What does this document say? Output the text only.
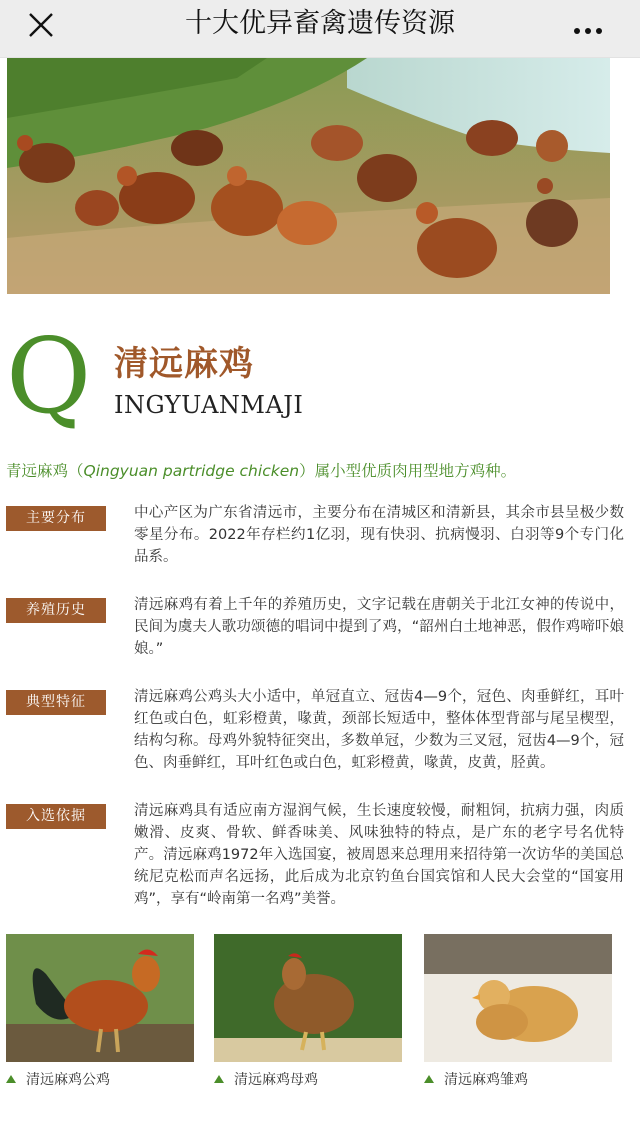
十大优异畜禽遗传资源
Q 清远麻鸡
INGYUANMAJI
青远麻鸡（Qingyuan partridge chicken）属小型优质肉用型地方鸡种。
主要分布	中心产区为广东省清远市，主要分布在清城区和清新县，其余市县呈极少数零星分布。2022年存栏约1亿羽，现有快羽、抗病慢羽、白羽等9个专门化品系。
养殖历史	清远麻鸡有着上千年的养殖历史，文字记载在唐朝关于北江女神的传说中，民间为虞夫人歌功颂德的唱词中提到了鸡，“韶州白土地神恶，假作鸡啼吓娘娘。”
典型特征	清远麻鸡公鸡头大小适中，单冠直立、冠齿4—9个，冠色、肉垂鲜红，耳叶红色或白色，虹彩橙黄，喙黄，颈部长短适中，整体体型背部与尾呈楔型，结构匀称。母鸡外貌特征突出，多数单冠，少数为三叉冠，冠齿4—9个，冠色、肉垂鲜红，耳叶红色或白色，虹彩橙黄，喙黄，皮黄，胫黄。
入选依据	清远麻鸡具有适应南方湿润气候，生长速度较慢，耐粗饲，抗病力强，肉质嫩滑、皮爽、骨软、鲜香味美、风味独特的特点，是广东的老字号名优特产。清远麻鸡1972年入选国宴，被周恩来总理用来招待第一次访华的美国总统尼克松而声名远扬，此后成为北京钓鱼台国宾馆和人民大会堂的“国宴用鸡”，享有“岭南第一名鸡”美誉。
清远麻鸡公鸡	清远麻鸡母鸡	清远麻鸡雏鸡
